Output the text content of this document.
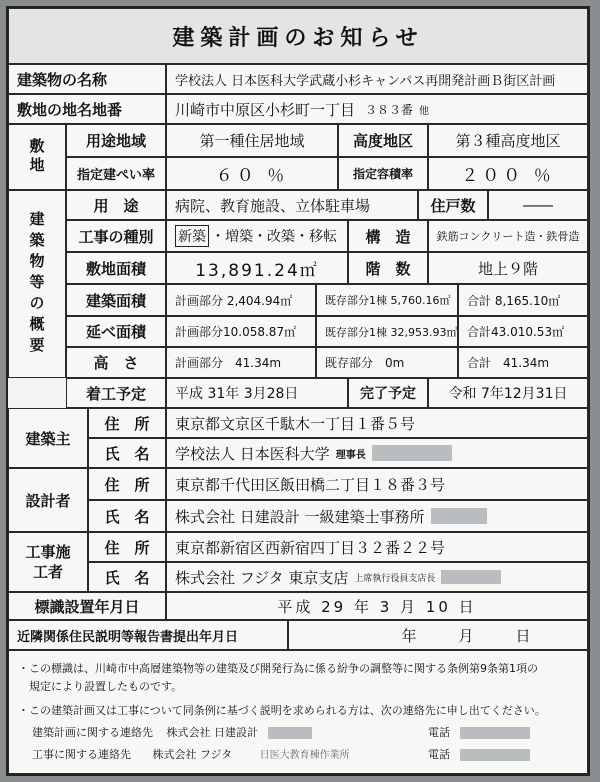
建築計画のお知らせ
建築物の名称	学校法人 日本医科大学武蔵小杉キャンパス再開発計画Ｂ街区計画
敷地の地名地番	川崎市中原区小杉町一丁目 ３８３番 他
敷地	用途地域	第一種住居地域	高度地区	第３種高度地区
指定建ぺい率	６０ ％	指定容積率	２００ ％
建築物等の概要
用　途	病院、教育施設、立体駐車場	住戸数	――
工事の種別	新築 ・増築・改築・移転	構　造	鉄筋コンクリート造・鉄骨造
敷地面積	13,891.24㎡	階　数	地上９階
建築面積	計画部分 2,404.94㎡	既存部分1棟 5,760.16㎡	合計 8,165.10㎡
延べ面積	計画部分10.058.87㎡	既存部分1棟 32,953.93㎡ 合計43.010.53㎡
高　さ	計画部分　41.34m	既存部分　0m	合計　41.34m
着工予定	平成 31年 3月28日	完了予定	令和 7年12月31日
建築主
住　所	東京都文京区千駄木一丁目１番５号
氏　名	学校法人 日本医科大学 理事長
設計者
住　所	東京都千代田区飯田橋二丁目１８番３号
氏　名	株式会社 日建設計 一級建築士事務所
工事施工者
住　所	東京都新宿区西新宿四丁目３２番２２号
氏　名	株式会社 フジタ 東京支店 上席執行役員支店長
標識設置年月日	平成 29 年 3 月 10 日
近隣関係住民説明等報告書提出年月日	年　　月　　日
・この標識は、川崎市中高層建築物等の建築及び開発行為に係る紛争の調整等に関する条例第9条第1項の
　規定により設置したものです。
・この建築計画又は工事について同条例に基づく説明を求められる方は、次の連絡先に申し出てください。
建築計画に関する連絡先 株式会社 日建設計	電話
工事に関する連絡先 株式会社 フジタ	日医大教育棟作業所	電話
